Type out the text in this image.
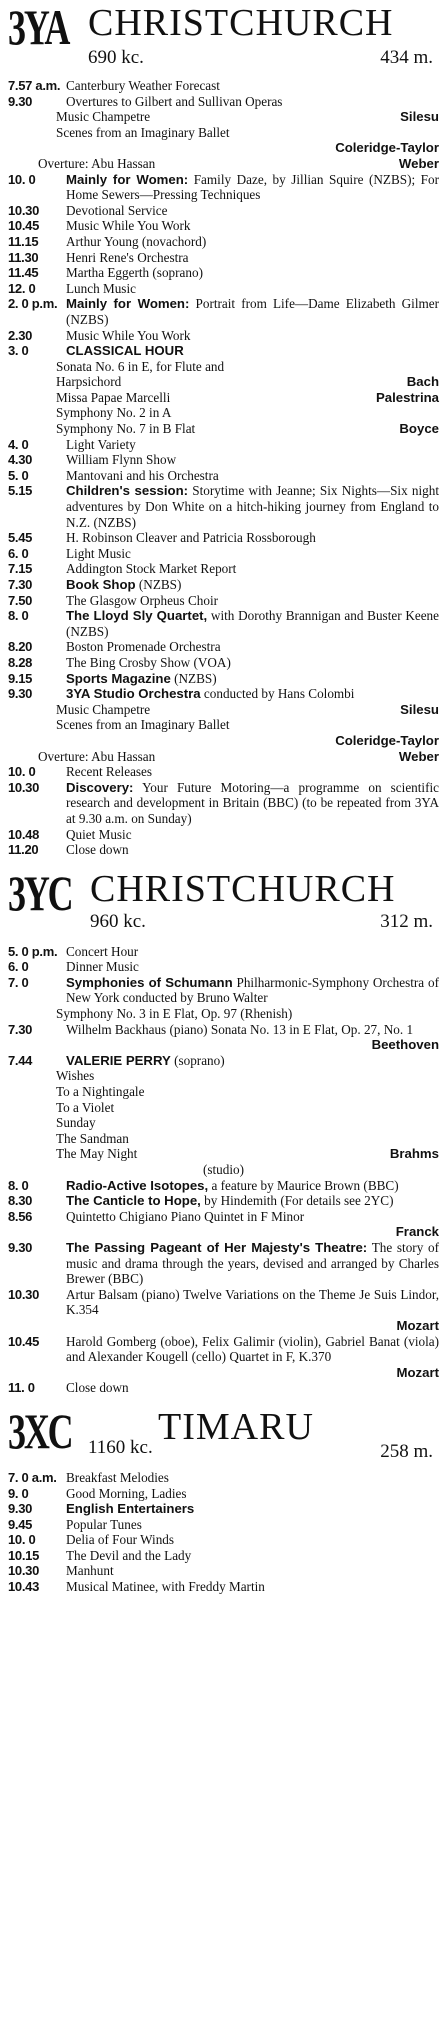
3YA CHRISTCHURCH
690 kc.	434 m.
7.57 a.m. Canterbury Weather Forecast
9.30	Overtures to Gilbert and Sullivan Operas
Music Champetre	Silesu
Scenes from an Imaginary Ballet
Coleridge-Taylor
Overture: Abu Hassan	Weber
10. 0	Mainly for Women: Family Daze, by Jillian Squire (NZBS); For Home Sewers—Pressing Techniques
10.30	Devotional Service
10.45	Music While You Work
11.15	Arthur Young (novachord)
11.30	Henri Rene's Orchestra
11.45	Martha Eggerth (soprano)
12. 0	Lunch Music
2. 0 p.m. Mainly for Women: Portrait from Life—Dame Elizabeth Gilmer (NZBS)
2.30	Music While You Work
3. 0	CLASSICAL HOUR
Sonata No. 6 in E, for Flute and
Harpsichord	Bach
Missa Papae Marcelli	Palestrina
Symphony No. 2 in A
Symphony No. 7 in B Flat	Boyce
4. 0	Light Variety
4.30	William Flynn Show
5. 0	Mantovani and his Orchestra
5.15	Children's session: Storytime with Jeanne; Six Nights—Six night adventures by Don White on a hitch-hiking journey from England to N.Z. (NZBS)
5.45	H. Robinson Cleaver and Patricia Rossborough
6. 0	Light Music
7.15	Addington Stock Market Report
7.30	Book Shop (NZBS)
7.50	The Glasgow Orpheus Choir
8. 0	The Lloyd Sly Quartet, with Dorothy Brannigan and Buster Keene (NZBS)
8.20	Boston Promenade Orchestra
8.28	The Bing Crosby Show (VOA)
9.15	Sports Magazine (NZBS)
9.30	3YA Studio Orchestra conducted by Hans Colombi
Music Champetre	Silesu
Scenes from an Imaginary Ballet
Coleridge-Taylor
Overture: Abu Hassan	Weber
10. 0	Recent Releases
10.30	Discovery: Your Future Motoring—a programme on scientific research and development in Britain (BBC) (to be repeated from 3YA at 9.30 a.m. on Sunday)
10.48	Quiet Music
11.20	Close down
3YC CHRISTCHURCH
960 kc.	312 m.
5. 0 p.m. Concert Hour
6. 0	Dinner Music
7. 0	Symphonies of Schumann Philharmonic-Symphony Orchestra of New York conducted by Bruno Walter
Symphony No. 3 in E Flat, Op. 97 (Rhenish)
7.30	Wilhelm Backhaus (piano) Sonata No. 13 in E Flat, Op. 27, No. 1
Beethoven
7.44	VALERIE PERRY (soprano)
Wishes
To a Nightingale
To a Violet
Sunday
The Sandman
The May Night	Brahms
(studio)
8. 0	Radio-Active Isotopes, a feature by Maurice Brown (BBC)
8.30	The Canticle to Hope, by Hindemith (For details see 2YC)
8.56	Quintetto Chigiano Piano Quintet in F Minor
Franck
9.30	The Passing Pageant of Her Majesty's Theatre: The story of music and drama through the years, devised and arranged by Charles Brewer (BBC)
10.30	Artur Balsam (piano) Twelve Variations on the Theme Je Suis Lindor, K.354
Mozart
10.45	Harold Gomberg (oboe), Felix Galimir (violin), Gabriel Banat (viola) and Alexander Kougell (cello) Quartet in F, K.370
Mozart
11. 0	Close down
3XC TIMARU
1160 kc.	258 m.
7. 0 a.m. Breakfast Melodies
9. 0	Good Morning, Ladies
9.30	English Entertainers
9.45	Popular Tunes
10. 0	Delia of Four Winds
10.15	The Devil and the Lady
10.30	Manhunt
10.43	Musical Matinee, with Freddy Martin
